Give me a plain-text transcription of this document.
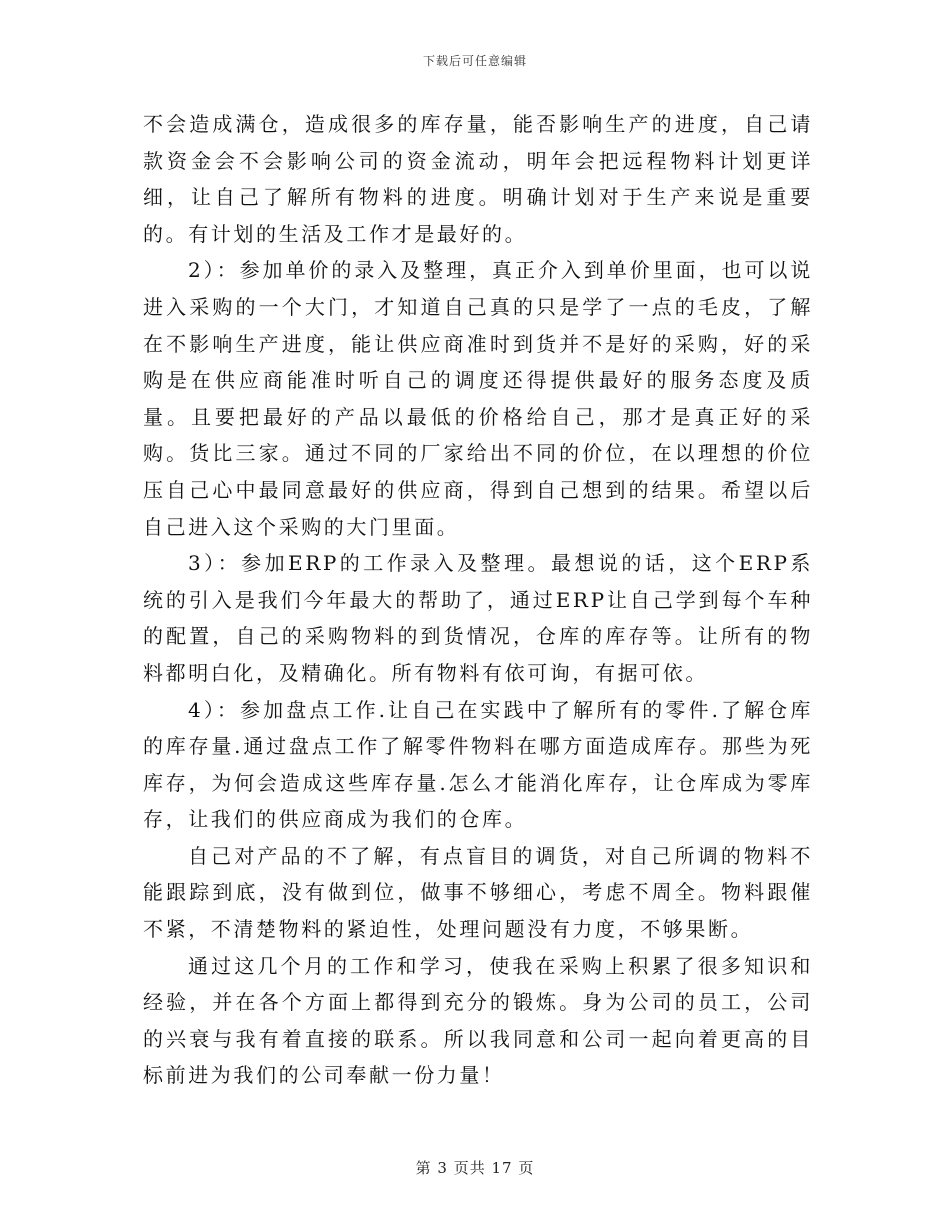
下载后可任意编辑

不会造成满仓，造成很多的库存量，能否影响生产的进度，自己请款资金会不会影响公司的资金流动，明年会把远程物料计划更详细，让自己了解所有物料的进度。明确计划对于生产来说是重要的。有计划的生活及工作才是最好的。

2）：参加单价的录入及整理，真正介入到单价里面，也可以说进入采购的一个大门，才知道自己真的只是学了一点的毛皮，了解在不影响生产进度，能让供应商准时到货并不是好的采购，好的采购是在供应商能准时听自己的调度还得提供最好的服务态度及质量。且要把最好的产品以最低的价格给自己，那才是真正好的采购。货比三家。通过不同的厂家给出不同的价位，在以理想的价位压自己心中最同意最好的供应商，得到自己想到的结果。希望以后自己进入这个采购的大门里面。

3）：参加ERP的工作录入及整理。最想说的话，这个ERP系统的引入是我们今年最大的帮助了，通过ERP让自己学到每个车种的配置，自己的采购物料的到货情况，仓库的库存等。让所有的物料都明白化，及精确化。所有物料有依可询，有据可依。

4）：参加盘点工作.让自己在实践中了解所有的零件.了解仓库的库存量.通过盘点工作了解零件物料在哪方面造成库存。那些为死库存，为何会造成这些库存量.怎么才能消化库存，让仓库成为零库存，让我们的供应商成为我们的仓库。

自己对产品的不了解，有点盲目的调货，对自己所调的物料不能跟踪到底，没有做到位，做事不够细心，考虑不周全。物料跟催不紧，不清楚物料的紧迫性，处理问题没有力度，不够果断。

通过这几个月的工作和学习，使我在采购上积累了很多知识和经验，并在各个方面上都得到充分的锻炼。身为公司的员工，公司的兴衰与我有着直接的联系。所以我同意和公司一起向着更高的目标前进为我们的公司奉献一份力量！

第 3 页共 17 页
